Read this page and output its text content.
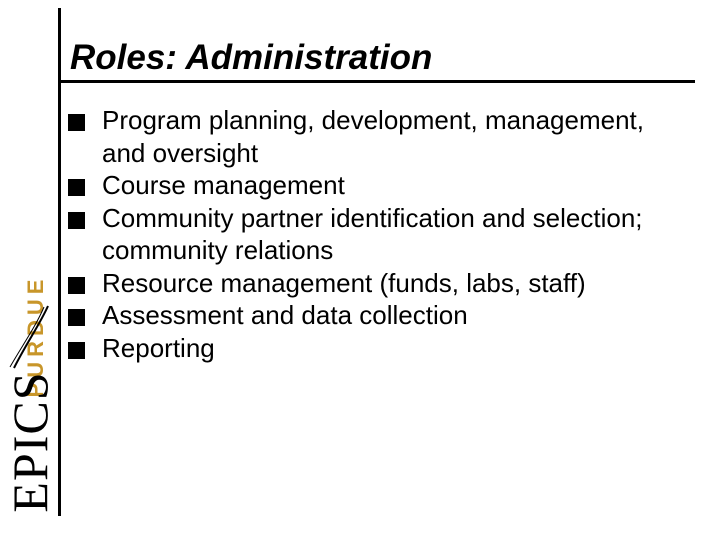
Roles: Administration
PURDUE
EPICS
Program planning, development, management, and oversight
Course management
Community partner identification and selection; community relations
Resource management (funds, labs, staff)
Assessment and data collection
Reporting
